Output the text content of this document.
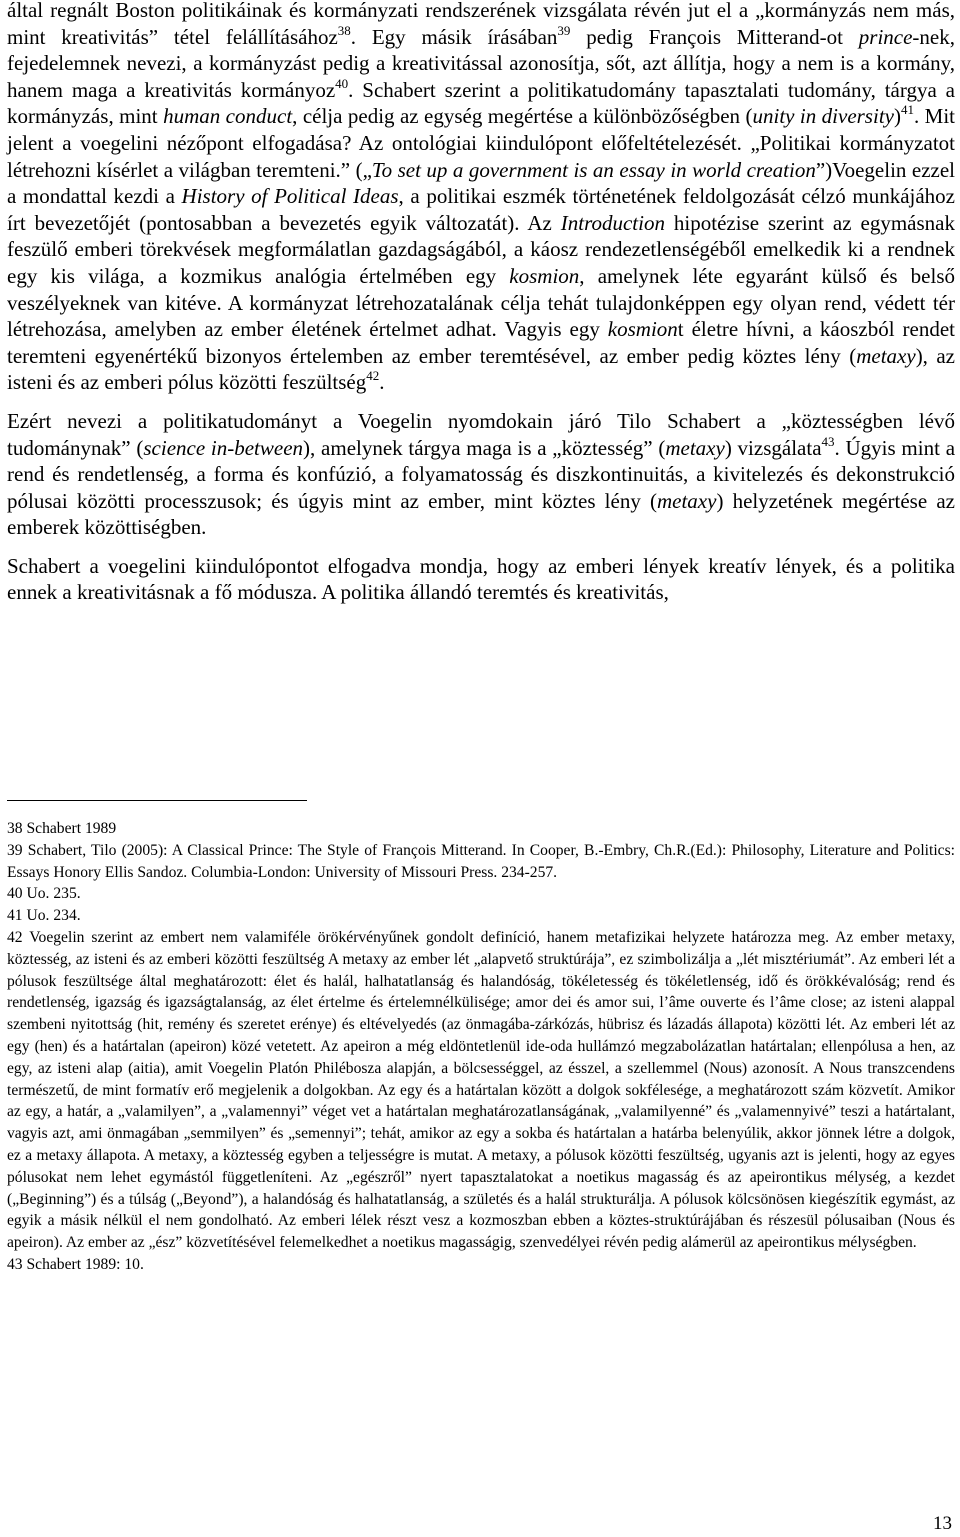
által regnált Boston politikáinak és kormányzati rendszerének vizsgálata révén jut el a „kormányzás nem más, mint kreativitás” tétel felállításához$^{38}$. Egy másik írásában$^{39}$ pedig François Mitterand-ot prince-nek, fejedelemnek nevezi, a kormányzást pedig a kreativitással azonosítja, sőt, azt állítja, hogy a nem is a kormány, hanem maga a kreativitás kormányoz$^{40}$. Schabert szerint a politikatudomány tapasztalati tudomány, tárgya a kormányzás, mint human conduct, célja pedig az egység megértése a különbözőségben (unity in diversity)$^{41}$. Mit jelent a voegelini nézőpont elfogadása? Az ontológiai kiindulópont előfeltételezését. „Politikai kormányzatot létrehozni kísérlet a világban teremteni.” („To set up a government is an essay in world creation”)Voegelin ezzel a mondattal kezdi a History of Political Ideas, a politikai eszmék történetének feldolgozását célzó munkájához írt bevezetőjét (pontosabban a bevezetés egyik változatát). Az Introduction hipotézise szerint az egymásnak feszülő emberi törekvések megformálatlan gazdagságából, a káosz rendezetlenségéből emelkedik ki a rendnek egy kis világa, a kozmikus analógia értelmében egy kosmion, amelynek léte egyaránt külső és belső veszélyeknek van kitéve. A kormányzat létrehozatalának célja tehát tulajdonképpen egy olyan rend, védett tér létrehozása, amelyben az ember életének értelmet adhat. Vagyis egy kosmiont életre hívni, a káoszból rendet teremteni egyenértékű bizonyos értelemben az ember teremtésével, az ember pedig köztes lény (metaxy), az isteni és az emberi pólus közötti feszültség$^{42}$.

Ezért nevezi a politikatudományt a Voegelin nyomdokain járó Tilo Schabert a „köztességben lévő tudománynak” (science in-between), amelynek tárgya maga is a „köztesség” (metaxy) vizsgálata$^{43}$. Úgyis mint a rend és rendetlenség, a forma és konfúzió, a folyamatosság és diszkontinuitás, a kivitelezés és dekonstrukció pólusai közötti processzusok; és úgyis mint az ember, mint köztes lény (metaxy) helyzetének megértése az emberek közöttiségben.

Schabert a voegelini kiindulópontot elfogadva mondja, hogy az emberi lények kreatív lények, és a politika ennek a kreativitásnak a fő módusza. A politika állandó teremtés és kreativitás,

38 Schabert 1989

39 Schabert, Tilo (2005): A Classical Prince: The Style of François Mitterand. In Cooper, B.-Embry, Ch.R.(Ed.): Philosophy, Literature and Politics: Essays Honory Ellis Sandoz. Columbia-London: University of Missouri Press. 234-257.

40 Uo. 235.

41 Uo. 234.

42 Voegelin szerint az embert nem valamiféle örökérvényűnek gondolt definíció, hanem metafizikai helyzete határozza meg. Az ember metaxy, köztesség, az isteni és az emberi közötti feszültség A metaxy az ember lét „alapvető struktúrája”, ez szimbolizálja a „lét misztériumát”. Az emberi lét a pólusok feszültsége által meghatározott: élet és halál, halhatatlanság és halandóság, tökéletesség és tökéletlenség, idő és örökkévalóság; rend és rendetlenség, igazság és igazságtalanság, az élet értelme és értelemnélkülisége; amor dei és amor sui, l’âme ouverte és l’âme close; az isteni alappal szembeni nyitottság (hit, remény és szeretet erénye) és eltévelyedés (az önmagába-zárkózás, hübrisz és lázadás állapota) közötti lét. Az emberi lét az egy (hen) és a határtalan (apeiron) közé vetetett. Az apeiron a még eldöntetlenül ide-oda hullámzó megzabolázatlan határtalan; ellenpólusa a hen, az egy, az isteni alap (aitia), amit Voegelin Platón Philébosza alapján, a bölcsességgel, az ésszel, a szellemmel (Nous) azonosít. A Nous transzcendens természetű, de mint formatív erő megjelenik a dolgokban. Az egy és a határtalan között a dolgok sokfélesége, a meghatározott szám közvetít. Amikor az egy, a határ, a „valamilyen”, a „valamennyi” véget vet a határtalan meghatározatlanságának, „valamilyenné” és „valamennyivé” teszi a határtalant, vagyis azt, ami önmagában „semmilyen” és „semennyi”; tehát, amikor az egy a sokba és határtalan a határba belenyúlik, akkor jönnek létre a dolgok, ez a metaxy állapota. A metaxy, a köztesség egyben a teljességre is mutat. A metaxy, a pólusok közötti feszültség, ugyanis azt is jelenti, hogy az egyes pólusokat nem lehet egymástól függetleníteni. Az „egészről” nyert tapasztalatokat a noetikus magasság és az apeirontikus mélység, a kezdet („Beginning”) és a túlság („Beyond”), a halandóság és halhatatlanság, a születés és a halál strukturálja. A pólusok kölcsönösen kiegészítik egymást, az egyik a másik nélkül el nem gondolható. Az emberi lélek részt vesz a kozmoszban ebben a köztes-struktúrájában és részesül pólusaiban (Nous és apeiron). Az ember az „ész” közvetítésével felemelkedhet a noetikus magasságig, szenvedélyei révén pedig alámerül az apeirontikus mélységben.

43 Schabert 1989: 10.

13
